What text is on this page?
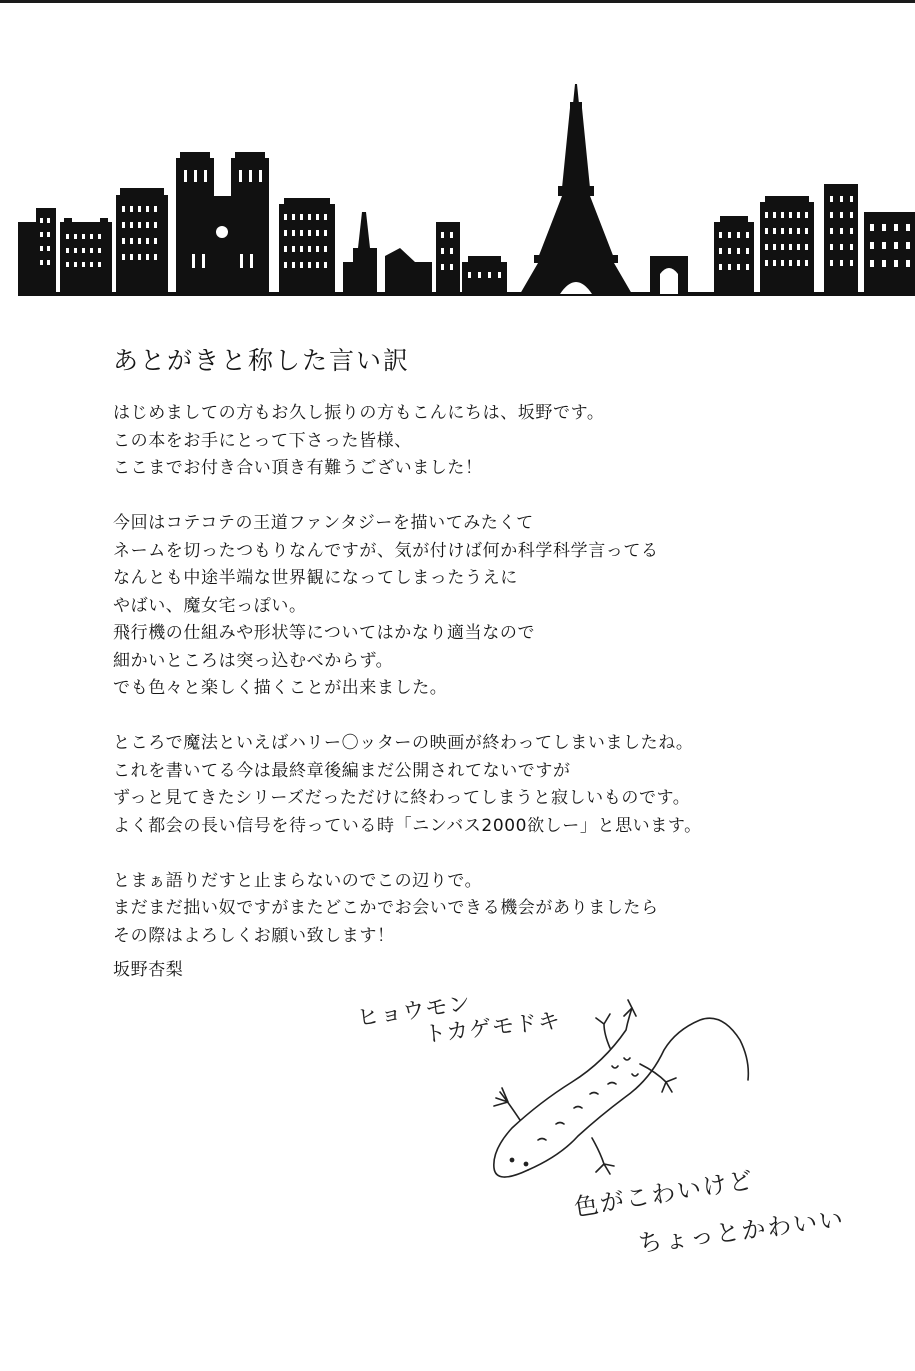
あとがきと称した言い訳
はじめましての方もお久し振りの方もこんにちは、坂野です。
この本をお手にとって下さった皆様、
ここまでお付き合い頂き有難うございました！
今回はコテコテの王道ファンタジーを描いてみたくて
ネームを切ったつもりなんですが、気が付けば何か科学科学言ってる
なんとも中途半端な世界観になってしまったうえに
やばい、魔女宅っぽい。
飛行機の仕組みや形状等についてはかなり適当なので
細かいところは突っ込むべからず。
でも色々と楽しく描くことが出来ました。
ところで魔法といえばハリー〇ッターの映画が終わってしまいましたね。
これを書いてる今は最終章後編まだ公開されてないですが
ずっと見てきたシリーズだっただけに終わってしまうと寂しいものです。
よく都会の長い信号を待っている時「ニンバス2000欲しー」と思います。
とまぁ語りだすと止まらないのでこの辺りで。
まだまだ拙い奴ですがまたどこかでお会いできる機会がありましたら
その際はよろしくお願い致します！
坂野杏梨
ヒョウモン
トカゲモドキ
色がこわいけど
ちょっとかわいい
